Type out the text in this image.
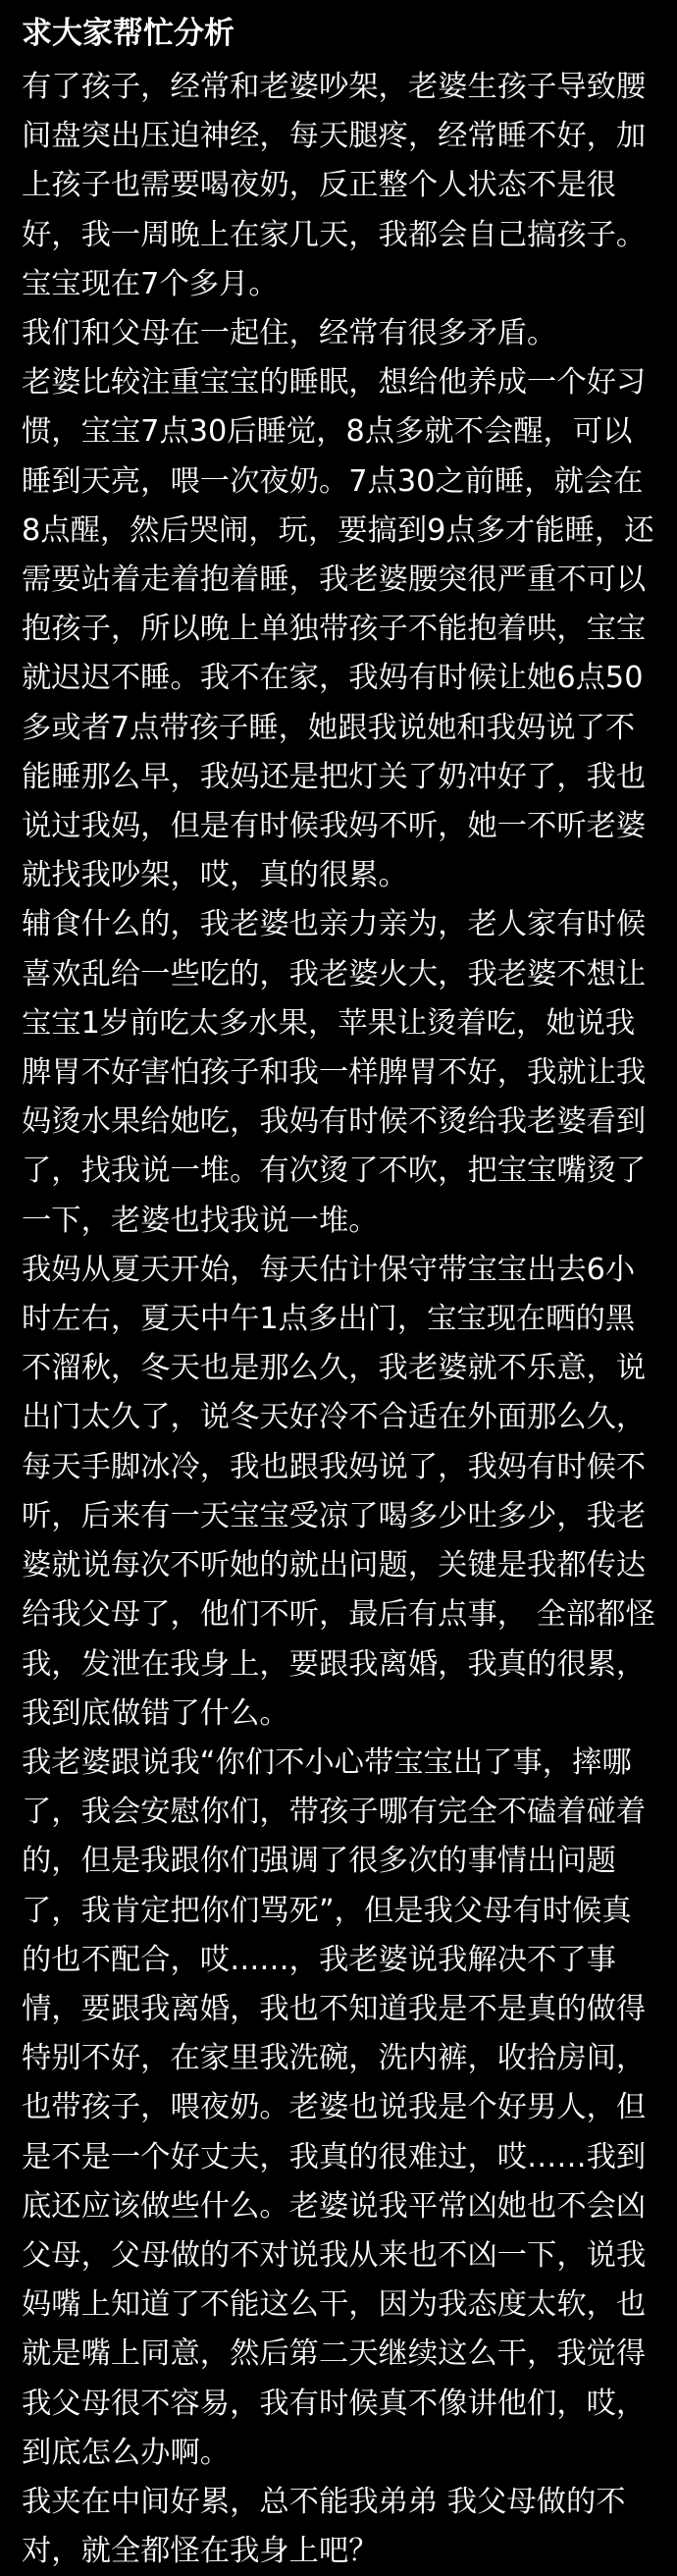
求大家帮忙分析

有了孩子，经常和老婆吵架，老婆生孩子导致腰间盘突出压迫神经，每天腿疼，经常睡不好，加上孩子也需要喝夜奶，反正整个人状态不是很好，我一周晚上在家几天，我都会自己搞孩子。宝宝现在7个多月。

我们和父母在一起住，经常有很多矛盾。

老婆比较注重宝宝的睡眠，想给他养成一个好习惯，宝宝7点30后睡觉，8点多就不会醒，可以睡到天亮，喂一次夜奶。7点30之前睡，就会在8点醒，然后哭闹，玩，要搞到9点多才能睡，还需要站着走着抱着睡，我老婆腰突很严重不可以抱孩子，所以晚上单独带孩子不能抱着哄，宝宝就迟迟不睡。我不在家，我妈有时候让她6点50多或者7点带孩子睡，她跟我说她和我妈说了不能睡那么早，我妈还是把灯关了奶冲好了，我也说过我妈，但是有时候我妈不听，她一不听老婆就找我吵架，哎，真的很累。

辅食什么的，我老婆也亲力亲为，老人家有时候喜欢乱给一些吃的，我老婆火大，我老婆不想让宝宝1岁前吃太多水果，苹果让烫着吃，她说我脾胃不好害怕孩子和我一样脾胃不好，我就让我妈烫水果给她吃，我妈有时候不烫给我老婆看到了，找我说一堆。有次烫了不吹，把宝宝嘴烫了一下，老婆也找我说一堆。

我妈从夏天开始，每天估计保守带宝宝出去6小时左右，夏天中午1点多出门，宝宝现在晒的黑不溜秋，冬天也是那么久，我老婆就不乐意，说出门太久了，说冬天好冷不合适在外面那么久，每天手脚冰冷，我也跟我妈说了，我妈有时候不听，后来有一天宝宝受凉了喝多少吐多少，我老婆就说每次不听她的就出问题，关键是我都传达给我父母了，他们不听，最后有点事， 全部都怪我，发泄在我身上，要跟我离婚，我真的很累，我到底做错了什么。

我老婆跟说我“你们不小心带宝宝出了事，摔哪了，我会安慰你们，带孩子哪有完全不磕着碰着的，但是我跟你们强调了很多次的事情出问题了，我肯定把你们骂死”，但是我父母有时候真的也不配合，哎……，我老婆说我解决不了事情，要跟我离婚，我也不知道我是不是真的做得特别不好，在家里我洗碗，洗内裤，收拾房间，也带孩子，喂夜奶。老婆也说我是个好男人，但是不是一个好丈夫，我真的很难过，哎……我到底还应该做些什么。老婆说我平常凶她也不会凶父母，父母做的不对说我从来也不凶一下，说我妈嘴上知道了不能这么干，因为我态度太软，也就是嘴上同意，然后第二天继续这么干，我觉得我父母很不容易，我有时候真不像讲他们，哎，到底怎么办啊。

我夹在中间好累，总不能我弟弟 我父母做的不对，就全都怪在我身上吧？
